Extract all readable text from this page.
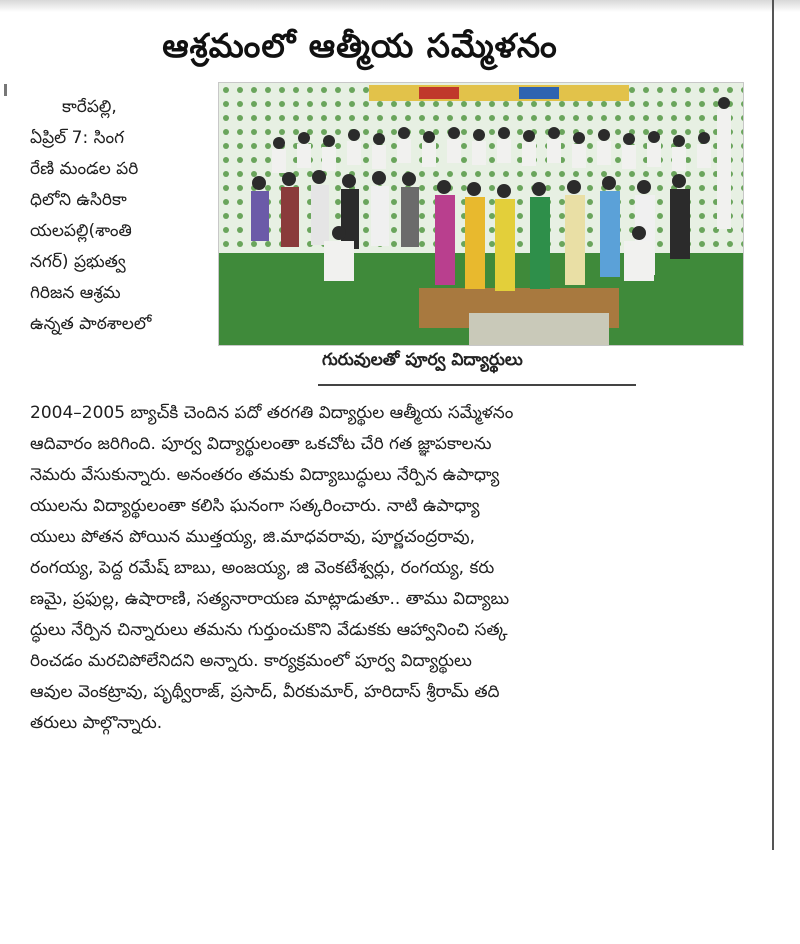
ఆశ్రమంలో ఆత్మీయ సమ్మేళనం
గురువులతో పూర్వ విద్యార్థులు
కారేపల్లి,
ఏప్రిల్ 7: సింగ
రేణి మండల పరి
ధిలోని ఉసిరికా
యలపల్లి(శాంతి
నగర్) ప్రభుత్వ
గిరిజన ఆశ్రమ
ఉన్నత పాఠశాలలో
2004–2005 బ్యాచ్‌కి చెందిన పదో తరగతి విద్యార్థుల ఆత్మీయ సమ్మేళనం
ఆదివారం జరిగింది. పూర్వ విద్యార్థులంతా ఒకచోట చేరి గత జ్ఞాపకాలను
నెమరు వేసుకున్నారు. అనంతరం తమకు విద్యాబుద్ధులు నేర్పిన ఉపాధ్యా
యులను విద్యార్థులంతా కలిసి ఘనంగా సత్కరించారు. నాటి ఉపాధ్యా
యులు పోతన పోయిన ముత్తయ్య, జి.మాధవరావు, పూర్ణచంద్రరావు,
రంగయ్య, పెద్ద రమేష్ బాబు, అంజయ్య, జి వెంకటేశ్వర్లు, రంగయ్య, కరు
ణమై, ప్రఫుల్ల, ఉషారాణి, సత్యనారాయణ మాట్లాడుతూ.. తాము విద్యాబు
ద్ధులు నేర్పిన చిన్నారులు తమను గుర్తుంచుకొని వేడుకకు ఆహ్వానించి సత్క
రించడం మరచిపోలేనిదని అన్నారు. కార్యక్రమంలో పూర్వ విద్యార్థులు
ఆవుల వెంకట్రావు, పృథ్వీరాజ్, ప్రసాద్, వీరకుమార్, హరిదాస్ శ్రీరామ్ తది
తరులు పాల్గొన్నారు.
